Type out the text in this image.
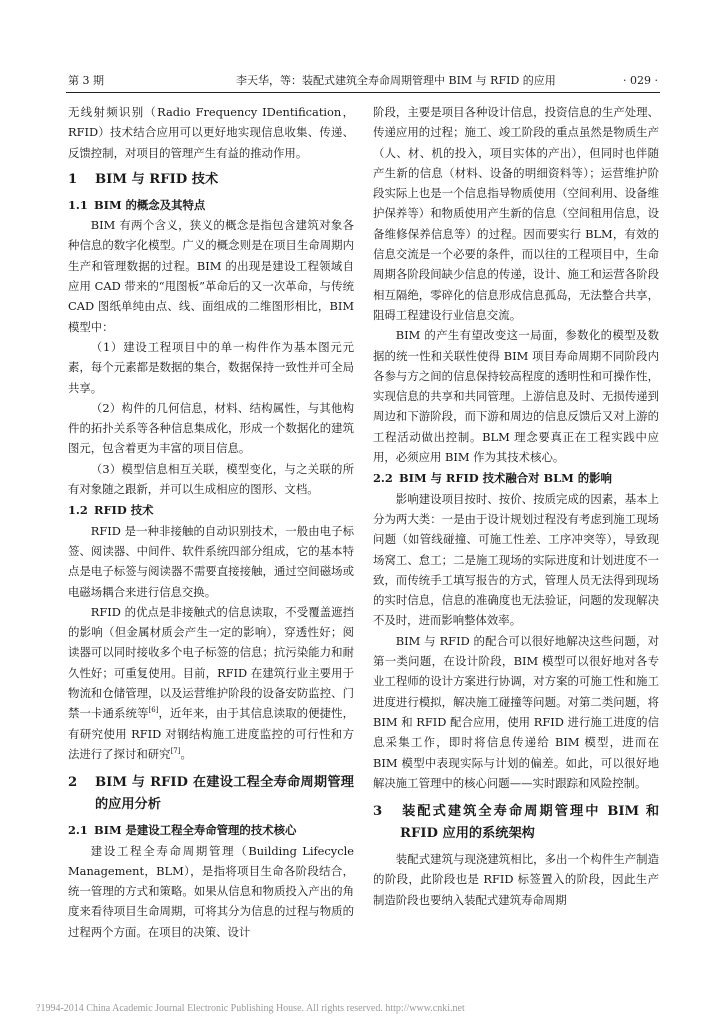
第 3 期	李天华，等：装配式建筑全寿命周期管理中 BIM 与 RFID 的应用	· 029 ·

无线射频识别（Radio Frequency IDentification，RFID）技术结合应用可以更好地实现信息收集、传递、反馈控制，对项目的管理产生有益的推动作用。

1 BIM 与 RFID 技术
1.1 BIM 的概念及其特点

BIM 有两个含义，狭义的概念是指包含建筑对象各种信息的数字化模型。广义的概念则是在项目生命周期内生产和管理数据的过程。BIM 的出现是建设工程领域自应用 CAD 带来的“甩图板”革命后的又一次革命，与传统 CAD 图纸单纯由点、线、面组成的二维图形相比，BIM 模型中：

（1）建设工程项目中的单一构件作为基本图元元素，每个元素都是数据的集合，数据保持一致性并可全局共享。

（2）构件的几何信息，材料、结构属性，与其他构件的拓扑关系等各种信息集成化，形成一个数据化的建筑图元，包含着更为丰富的项目信息。

（3）模型信息相互关联，模型变化，与之关联的所有对象随之跟新，并可以生成相应的图形、文档。

1.2 RFID 技术

RFID 是一种非接触的自动识别技术，一般由电子标签、阅读器、中间件、软件系统四部分组成，它的基本特点是电子标签与阅读器不需要直接接触，通过空间磁场或电磁场耦合来进行信息交换。

RFID 的优点是非接触式的信息读取，不受覆盖遮挡的影响（但金属材质会产生一定的影响），穿透性好；阅读器可以同时接收多个电子标签的信息；抗污染能力和耐久性好；可重复使用。目前，RFID 在建筑行业主要用于物流和仓储管理，以及运营维护阶段的设备安防监控、门禁一卡通系统等[6]，近年来，由于其信息读取的便捷性，有研究使用 RFID 对钢结构施工进度监控的可行性和方法进行了探讨和研究[7]。

2 BIM 与 RFID 在建设工程全寿命周期管理的应用分析
2.1 BIM 是建设工程全寿命管理的技术核心

建设工程全寿命周期管理（Building Lifecycle Management，BLM），是指将项目生命各阶段结合，统一管理的方式和策略。如果从信息和物质投入产出的角度来看待项目生命周期，可将其分为信息的过程与物质的过程两个方面。在项目的决策、设计

阶段，主要是项目各种设计信息，投资信息的生产处理、传递应用的过程；施工、竣工阶段的重点虽然是物质生产（人、材、机的投入，项目实体的产出），但同时也伴随产生新的信息（材料、设备的明细资料等）；运营维护阶段实际上也是一个信息指导物质使用（空间利用、设备维护保养等）和物质使用产生新的信息（空间租用信息，设备维修保养信息等）的过程。因而要实行 BLM，有效的信息交流是一个必要的条件，而以往的工程项目中，生命周期各阶段间缺少信息的传递，设计、施工和运营各阶段相互隔绝，零碎化的信息形成信息孤岛，无法整合共享，阻碍工程建设行业信息交流。

BIM 的产生有望改变这一局面，参数化的模型及数据的统一性和关联性使得 BIM 项目寿命周期不同阶段内各参与方之间的信息保持较高程度的透明性和可操作性，实现信息的共享和共同管理。上游信息及时、无损传递到周边和下游阶段，而下游和周边的信息反馈后又对上游的工程活动做出控制。BLM 理念要真正在工程实践中应用，必须应用 BIM 作为其技术核心。

2.2 BIM 与 RFID 技术融合对 BLM 的影响

影响建设项目按时、按价、按质完成的因素，基本上分为两大类：一是由于设计规划过程没有考虑到施工现场问题（如管线碰撞、可施工性差、工序冲突等），导致现场窝工、怠工；二是施工现场的实际进度和计划进度不一致，而传统手工填写报告的方式，管理人员无法得到现场的实时信息，信息的准确度也无法验证，问题的发现解决不及时，进而影响整体效率。

BIM 与 RFID 的配合可以很好地解决这些问题，对第一类问题，在设计阶段，BIM 模型可以很好地对各专业工程师的设计方案进行协调，对方案的可施工性和施工进度进行模拟，解决施工碰撞等问题。对第二类问题，将 BIM 和 RFID 配合应用，使用 RFID 进行施工进度的信息采集工作，即时将信息传递给 BIM 模型，进而在 BIM 模型中表现实际与计划的偏差。如此，可以很好地解决施工管理中的核心问题——实时跟踪和风险控制。

3 装配式建筑全寿命周期管理中 BIM 和 RFID 应用的系统架构

装配式建筑与现浇建筑相比，多出一个构件生产制造的阶段，此阶段也是 RFID 标签置入的阶段，因此生产制造阶段也要纳入装配式建筑寿命周期

?1994-2014 China Academic Journal Electronic Publishing House. All rights reserved. http://www.cnki.net
